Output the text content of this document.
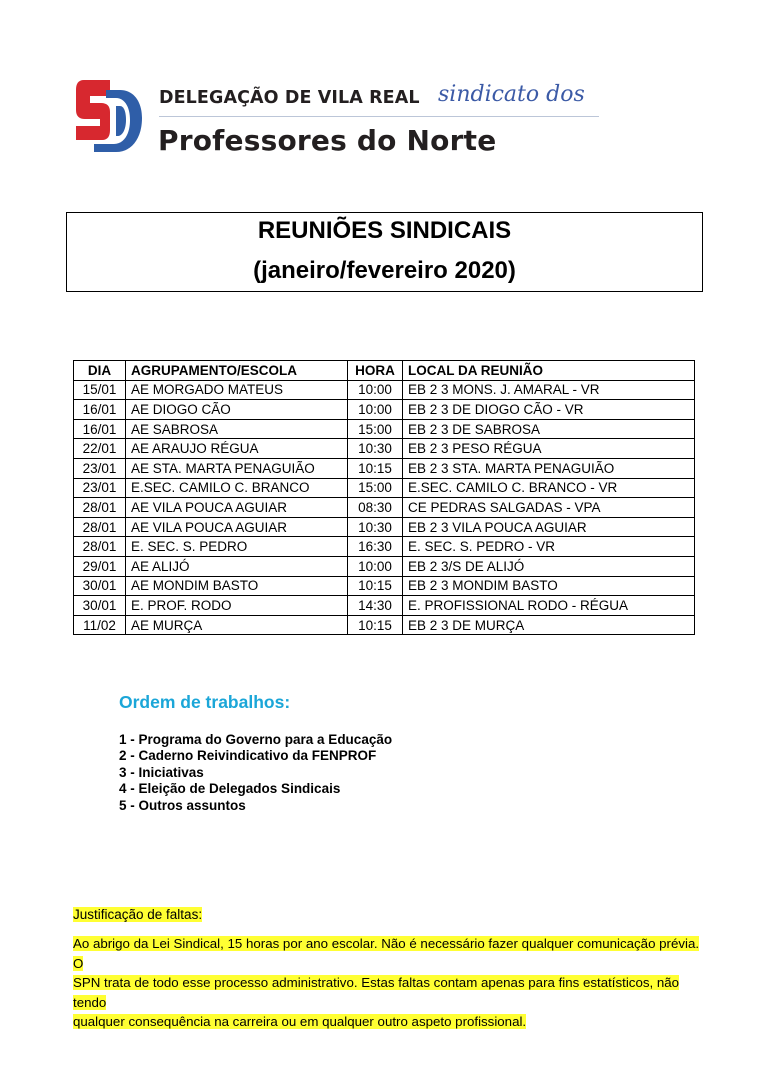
DELEGAÇÃO DE VILA REAL sindicato dos
Professores do Norte
REUNIÕES SINDICAIS
(janeiro/fevereiro 2020)
DIA	AGRUPAMENTO/ESCOLA	HORA	LOCAL DA REUNIÃO
15/01	AE MORGADO MATEUS	10:00	EB 2 3 MONS. J. AMARAL - VR
16/01	AE DIOGO CÃO	10:00	EB 2 3 DE DIOGO CÃO - VR
16/01	AE SABROSA	15:00	EB 2 3 DE SABROSA
22/01	AE ARAUJO RÉGUA	10:30	EB 2 3 PESO RÉGUA
23/01	AE STA. MARTA PENAGUIÃO	10:15	EB 2 3 STA. MARTA PENAGUIÃO
23/01	E.SEC. CAMILO C. BRANCO	15:00	E.SEC. CAMILO C. BRANCO - VR
28/01	AE VILA POUCA AGUIAR	08:30	CE PEDRAS SALGADAS - VPA
28/01	AE VILA POUCA AGUIAR	10:30	EB 2 3 VILA POUCA AGUIAR
28/01	E. SEC. S. PEDRO	16:30	E. SEC. S. PEDRO - VR
29/01	AE ALIJÓ	10:00	EB 2 3/S DE ALIJÓ
30/01	AE MONDIM BASTO	10:15	EB 2 3 MONDIM BASTO
30/01	E. PROF. RODO	14:30	E. PROFISSIONAL RODO - RÉGUA
11/02	AE MURÇA	10:15	EB 2 3 DE MURÇA
Ordem de trabalhos:
1 - Programa do Governo para a Educação
2 - Caderno Reivindicativo da FENPROF
3 - Iniciativas
4 - Eleição de Delegados Sindicais
5 - Outros assuntos
Justificação de faltas:
Ao abrigo da Lei Sindical, 15 horas por ano escolar. Não é necessário fazer qualquer comunicação prévia. O
SPN trata de todo esse processo administrativo. Estas faltas contam apenas para fins estatísticos, não tendo
qualquer consequência na carreira ou em qualquer outro aspeto profissional.
